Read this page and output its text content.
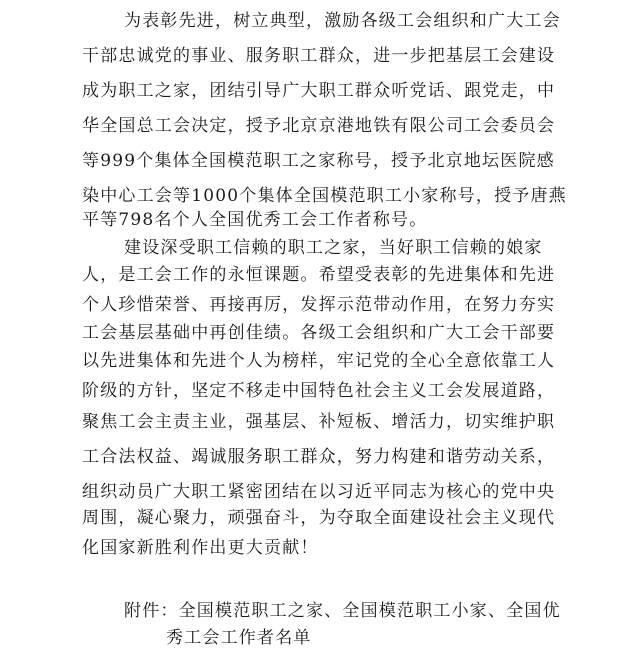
为表彰先进，树立典型，激励各级工会组织和广大工会
干部忠诚党的事业、服务职工群众，进一步把基层工会建设
成为职工之家，团结引导广大职工群众听党话、跟党走，中
华全国总工会决定，授予北京京港地铁有限公司工会委员会
等999个集体全国模范职工之家称号，授予北京地坛医院感
染中心工会等1000个集体全国模范职工小家称号，授予唐燕
平等798名个人全国优秀工会工作者称号。
建设深受职工信赖的职工之家，当好职工信赖的娘家
人，是工会工作的永恒课题。希望受表彰的先进集体和先进
个人珍惜荣誉、再接再厉，发挥示范带动作用，在努力夯实
工会基层基础中再创佳绩。各级工会组织和广大工会干部要
以先进集体和先进个人为榜样，牢记党的全心全意依靠工人
阶级的方针，坚定不移走中国特色社会主义工会发展道路，
聚焦工会主责主业，强基层、补短板、增活力，切实维护职
工合法权益、竭诚服务职工群众，努力构建和谐劳动关系，
组织动员广大职工紧密团结在以习近平同志为核心的党中央
周围，凝心聚力，顽强奋斗，为夺取全面建设社会主义现代
化国家新胜利作出更大贡献！
附件：全国模范职工之家、全国模范职工小家、全国优
秀工会工作者名单
